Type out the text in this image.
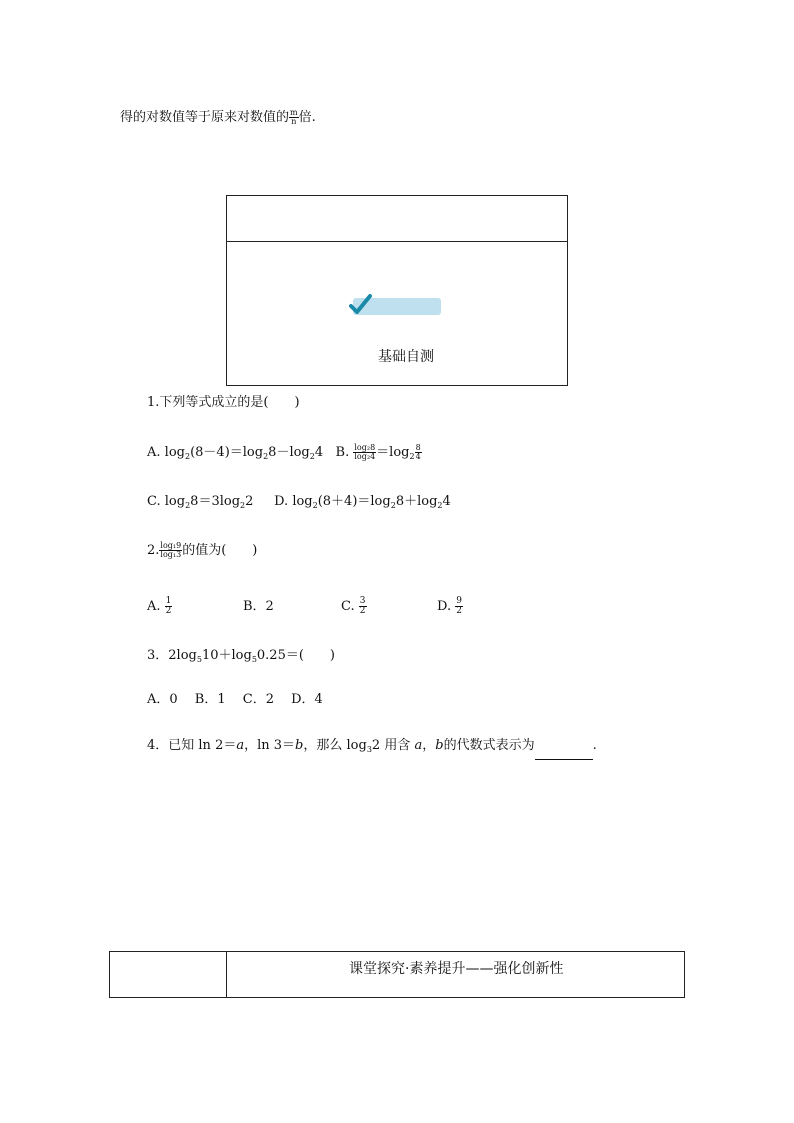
得的对数值等于原来对数值的 $\frac{m}{n}$ 倍.
基础自测
1.下列等式成立的是(　　)
A. $\log_2(8-4)=\log_28-\log_24$ B. $\frac{\text{log₂8}}{\text{log₂4}} =\log_2 \frac{8}{4}$
C. $\log_28=3\log_22$ D. $\log_2(8+4)=\log_28+\log_24$
2. $\frac{\text{log₁9}}{\text{log₁3}}$ 的值为(　　)
A. $\frac{1}{2}$	B．2	C. $\frac{3}{2}$	D. $\frac{9}{2}$
3．$2\log_510+\log_50.25=$(　　)
A．0　 B．1　 C．2　 D．4
4．已知 ln 2＝a，ln 3＝b，那么 $\log_32$ 用含 a，b的代数式表示为	.
课堂探究·素养提升——强化创新性
